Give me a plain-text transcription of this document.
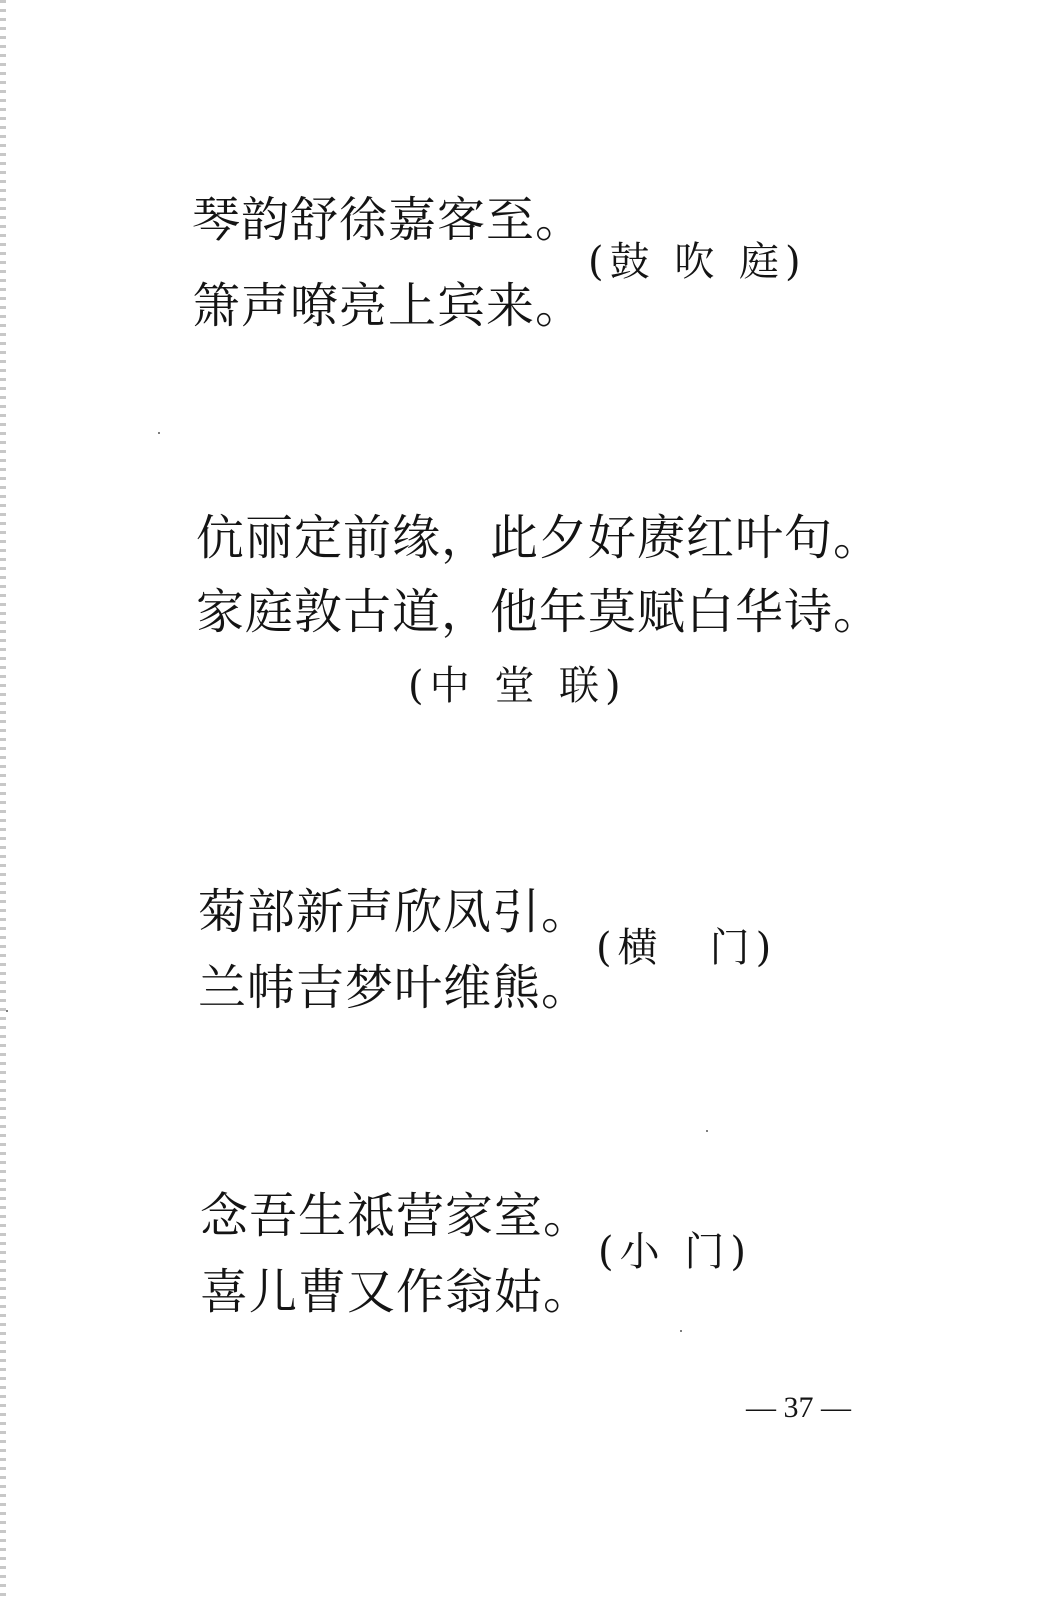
琴韵舒徐嘉客至。
箫声嘹亮上宾来。
(鼓 吹 庭)
伉丽定前缘，此夕好赓红叶句。
家庭敦古道，他年莫赋白华诗。
(中 堂 联)
菊部新声欣凤引。
兰帏吉梦叶维熊。
(横　门)
念吾生祗营家室。
喜儿曹又作翁姑。
(小 门)
— 37 —
